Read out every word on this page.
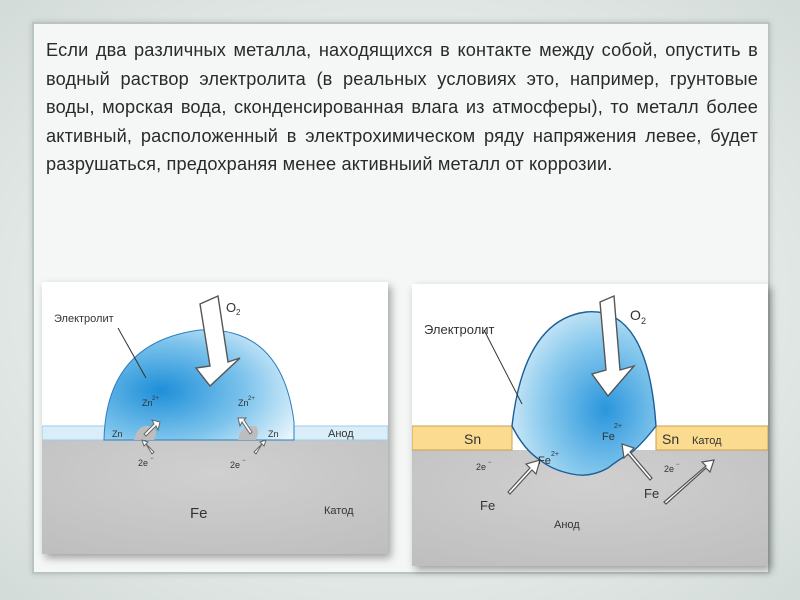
Если два различных металла, находящихся в контакте между собой, опустить в водный раствор электролита (в реальных условиях это, например, грунтовые воды, морская вода, сконденсированная влага из атмосферы), то металл более активный, расположенный в электрохимическом ряду напряжения левее, будет разрушаться, предохраняя менее активныий металл от коррозии.
Электролит
O 2
Zn 2+	Zn 2+
Zn	Zn
2e −
2e −
Анод
Fe	Катод
Электролит
O 2
Sn	Sn Катод
Fe
2+
Fe
2+
2e −
2e −
Fe
Fe
Анод
